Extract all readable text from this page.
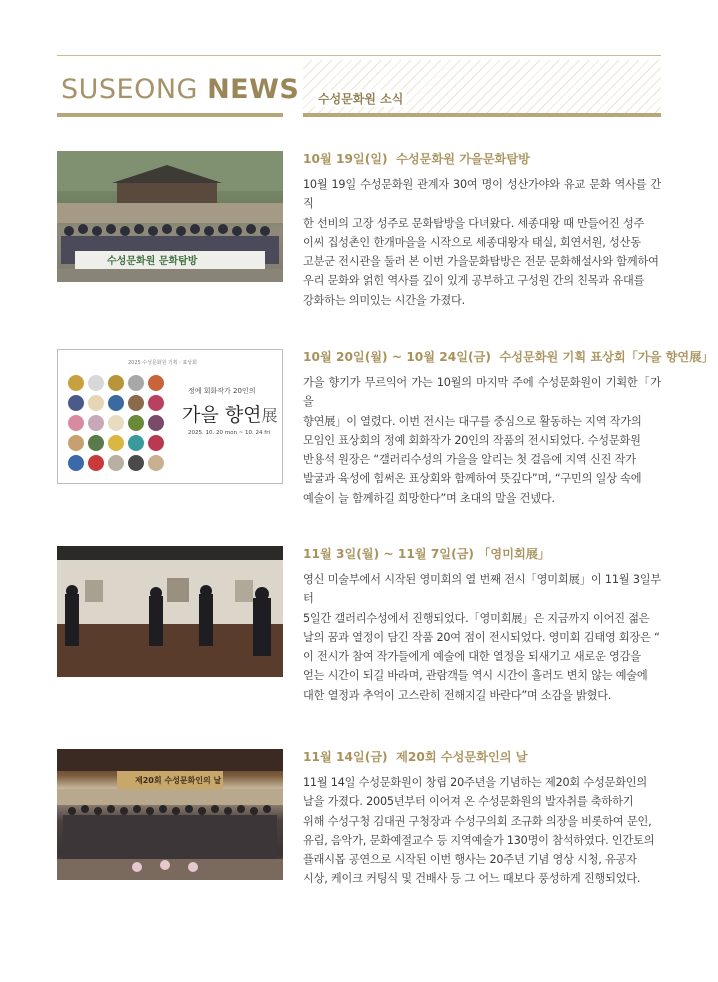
SUSEONG NEWS 수성문화원 소식
수성문화원 문화탐방

10월 19일(일) 수성문화원 가을문화탐방

10월 19일 수성문화원 관계자 30여 명이 성산가야와 유교 문화 역사를 간직
한 선비의 고장 성주로 문화탐방을 다녀왔다. 세종대왕 때 만들어진 성주
이씨 집성촌인 한개마을을 시작으로 세종대왕자 태실, 회연서원, 성산동
고분군 전시관을 둘러 본 이번 가을문화탐방은 전문 문화해설사와 함께하여
우리 문화와 얽힌 역사를 깊이 있게 공부하고 구성원 간의 친목과 유대를
강화하는 의미있는 시간을 가졌다.

2025 수성문화원 기획 · 표상회
정예 회화작가 20인의
가을 향연展
2025. 10. 20 mon ~ 10. 24 fri

10월 20일(월) ~ 10월 24일(금) 수성문화원 기획 표상회「가을 향연展」

가을 향기가 무르익어 가는 10월의 마지막 주에 수성문화원이 기획한「가을
향연展」이 열렸다. 이번 전시는 대구를 중심으로 활동하는 지역 작가의
모임인 표상회의 정예 회화작가 20인의 작품의 전시되었다. 수성문화원
반용석 원장은 “갤러리수성의 가을을 알리는 첫 걸음에 지역 신진 작가
발굴과 육성에 힘써온 표상회와 함께하여 뜻깊다”며, “구민의 일상 속에
예술이 늘 함께하길 희망한다”며 초대의 말을 건넸다.

11월 3일(월) ~ 11월 7일(금) 「영미회展」

영신 미술부에서 시작된 영미회의 열 번째 전시「영미회展」이 11월 3일부터
5일간 갤러리수성에서 진행되었다.「영미회展」은 지금까지 이어진 젊은
날의 꿈과 열정이 담긴 작품 20여 점이 전시되었다. 영미회 김태영 회장은 “
이 전시가 참여 작가들에게 예술에 대한 열정을 되새기고 새로운 영감을
얻는 시간이 되길 바라며, 관람객들 역시 시간이 흘러도 변치 않는 예술에
대한 열정과 추억이 고스란히 전해지길 바란다”며 소감을 밝혔다.

제20회 수성문화인의 날

11월 14일(금) 제20회 수성문화인의 날

11월 14일 수성문화원이 창립 20주년을 기념하는 제20회 수성문화인의
날을 가졌다. 2005년부터 이어져 온 수성문화원의 발자취를 축하하기
위해 수성구청 김대권 구청장과 수성구의회 조규화 의장을 비롯하여 문인,
유림, 음악가, 문화예절교수 등 지역예술가 130명이 참석하였다. 인간토의
플래시몹 공연으로 시작된 이번 행사는 20주년 기념 영상 시청, 유공자
시상, 케이크 커팅식 및 건배사 등 그 어느 때보다 풍성하게 진행되었다.
